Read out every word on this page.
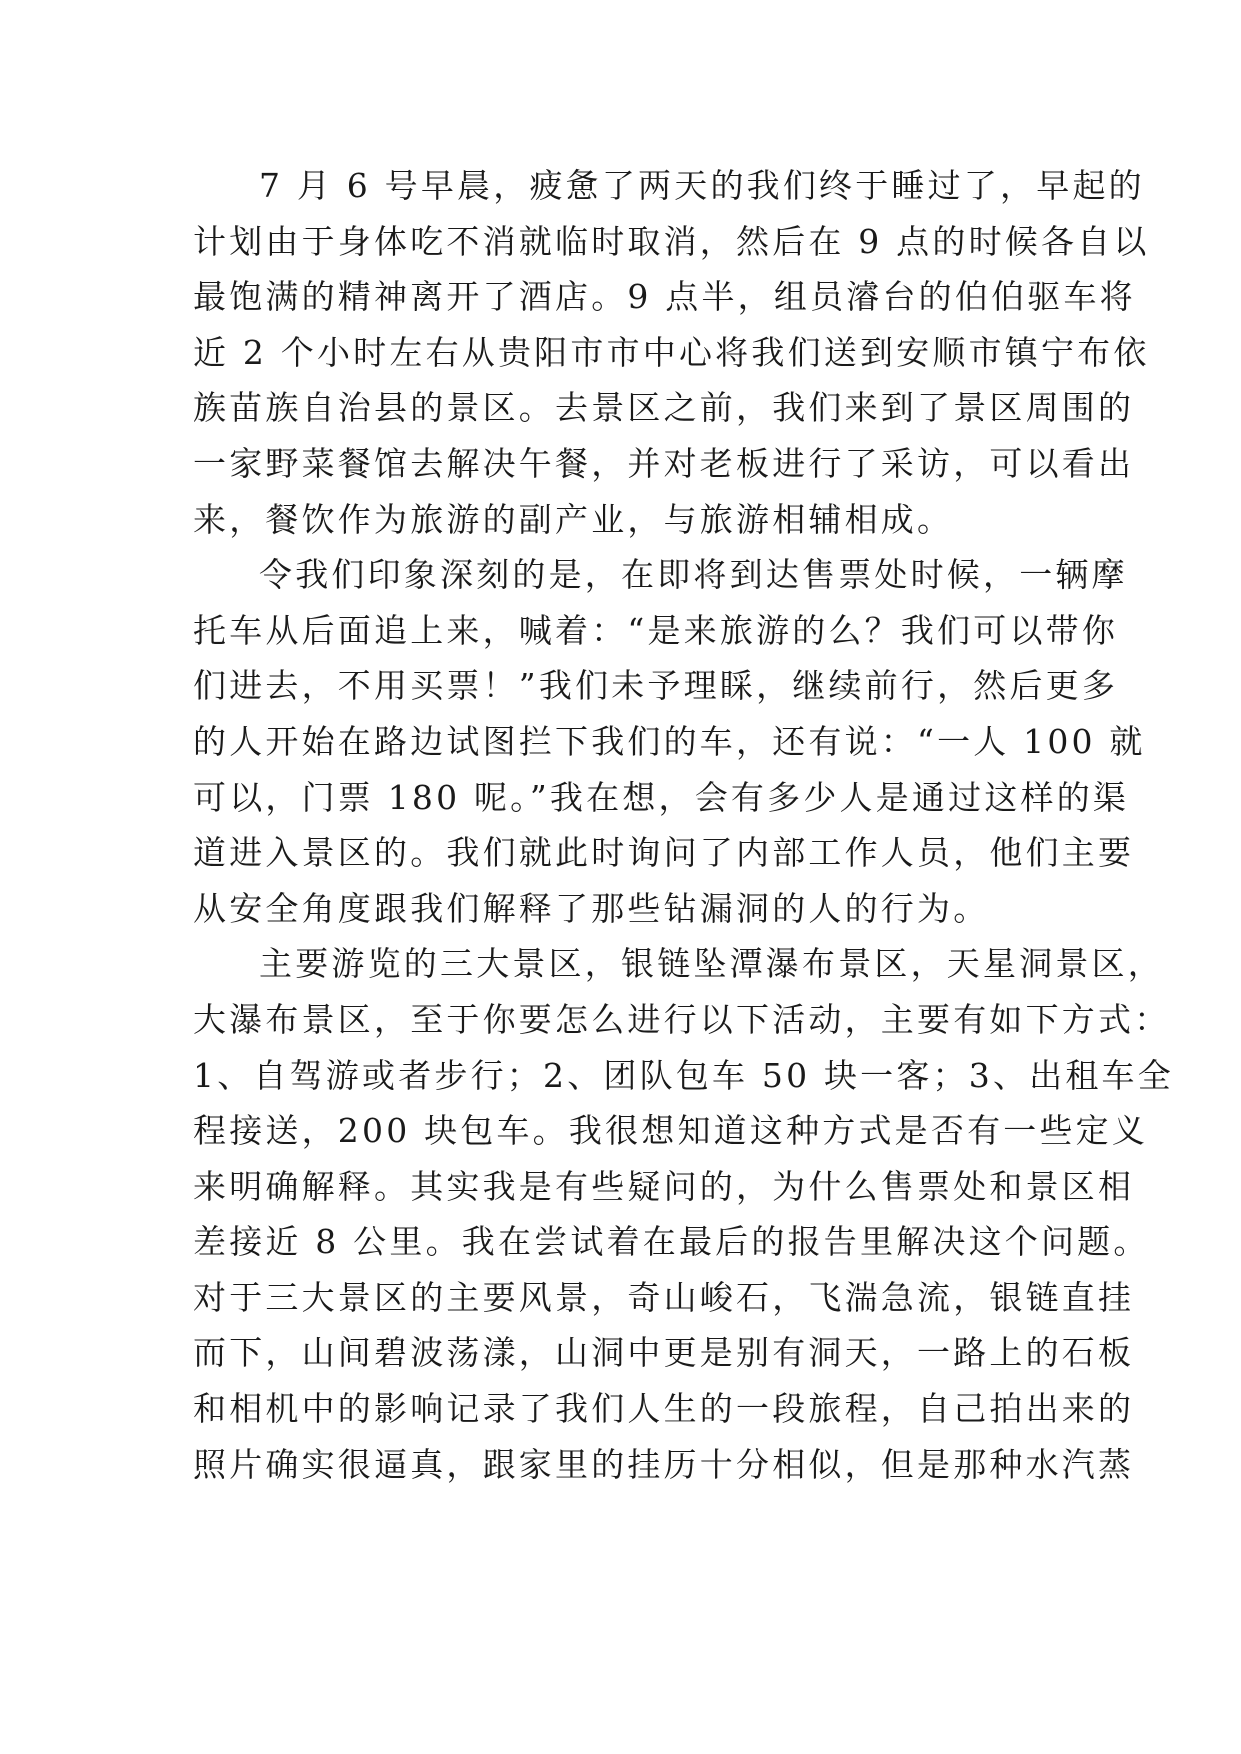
7 月 6 号早晨，疲惫了两天的我们终于睡过了，早起的
计划由于身体吃不消就临时取消，然后在 9 点的时候各自以
最饱满的精神离开了酒店。9 点半，组员濬台的伯伯驱车将
近 2 个小时左右从贵阳市市中心将我们送到安顺市镇宁布依
族苗族自治县的景区。去景区之前，我们来到了景区周围的
一家野菜餐馆去解决午餐，并对老板进行了采访，可以看出
来，餐饮作为旅游的副产业，与旅游相辅相成。
令我们印象深刻的是，在即将到达售票处时候，一辆摩
托车从后面追上来，喊着：“是来旅游的么？我们可以带你
们进去，不用买票！”我们未予理睬，继续前行，然后更多
的人开始在路边试图拦下我们的车，还有说：“一人 100 就
可以，门票 180 呢。”我在想，会有多少人是通过这样的渠
道进入景区的。我们就此时询问了内部工作人员，他们主要
从安全角度跟我们解释了那些钻漏洞的人的行为。
主要游览的三大景区，银链坠潭瀑布景区，天星洞景区，
大瀑布景区，至于你要怎么进行以下活动，主要有如下方式：
1、自驾游或者步行；2、团队包车 50 块一客；3、出租车全
程接送，200 块包车。我很想知道这种方式是否有一些定义
来明确解释。其实我是有些疑问的，为什么售票处和景区相
差接近 8 公里。我在尝试着在最后的报告里解决这个问题。
对于三大景区的主要风景，奇山峻石，飞湍急流，银链直挂
而下，山间碧波荡漾，山洞中更是别有洞天，一路上的石板
和相机中的影响记录了我们人生的一段旅程，自己拍出来的
照片确实很逼真，跟家里的挂历十分相似，但是那种水汽蒸
